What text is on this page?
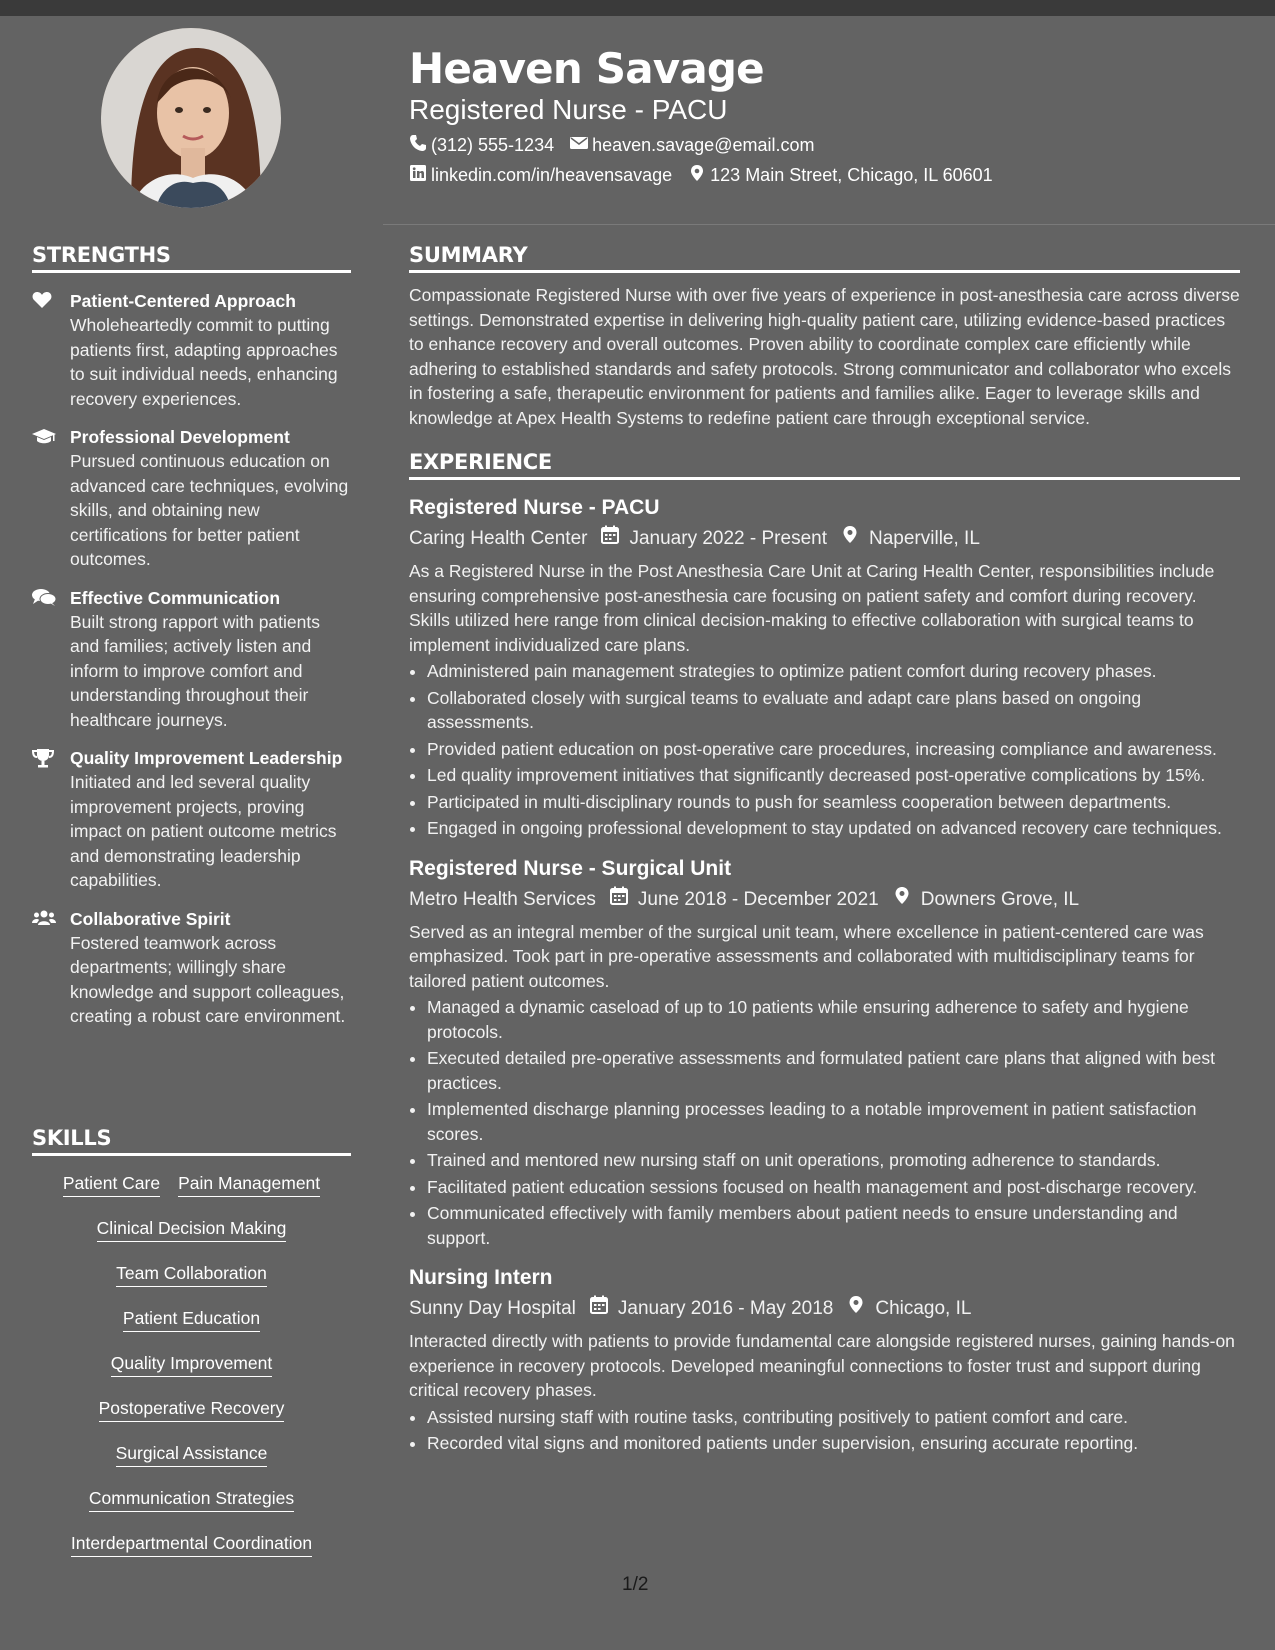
STRENGTHS
Patient-Centered Approach
Wholeheartedly commit to putting patients first, adapting approaches to suit individual needs, enhancing recovery experiences.
Professional Development
Pursued continuous education on advanced care techniques, evolving skills, and obtaining new certifications for better patient outcomes.
Effective Communication
Built strong rapport with patients and families; actively listen and inform to improve comfort and understanding throughout their healthcare journeys.
Quality Improvement Leadership
Initiated and led several quality improvement projects, proving impact on patient outcome metrics and demonstrating leadership capabilities.
Collaborative Spirit
Fostered teamwork across departments; willingly share knowledge and support colleagues, creating a robust care environment.
SKILLS
Patient Care Pain Management
Clinical Decision Making
Team Collaboration
Patient Education
Quality Improvement
Postoperative Recovery
Surgical Assistance
Communication Strategies
Interdepartmental Coordination
Heaven Savage
Registered Nurse - PACU
(312) 555-1234 heaven.savage@email.com
linkedin.com/in/heavensavage 123 Main Street, Chicago, IL 60601
SUMMARY
Compassionate Registered Nurse with over five years of experience in post-anesthesia care across diverse settings. Demonstrated expertise in delivering high-quality patient care, utilizing evidence-based practices to enhance recovery and overall outcomes. Proven ability to coordinate complex care efficiently while adhering to established standards and safety protocols. Strong communicator and collaborator who excels in fostering a safe, therapeutic environment for patients and families alike. Eager to leverage skills and knowledge at Apex Health Systems to redefine patient care through exceptional service.
EXPERIENCE
Registered Nurse - PACU
Caring Health Center January 2022 - Present Naperville, IL
As a Registered Nurse in the Post Anesthesia Care Unit at Caring Health Center, responsibilities include ensuring comprehensive post-anesthesia care focusing on patient safety and comfort during recovery. Skills utilized here range from clinical decision-making to effective collaboration with surgical teams to implement individualized care plans.
• Administered pain management strategies to optimize patient comfort during recovery phases.
• Collaborated closely with surgical teams to evaluate and adapt care plans based on ongoing assessments.
• Provided patient education on post-operative care procedures, increasing compliance and awareness.
• Led quality improvement initiatives that significantly decreased post-operative complications by 15%.
• Participated in multi-disciplinary rounds to push for seamless cooperation between departments.
• Engaged in ongoing professional development to stay updated on advanced recovery care techniques.
Registered Nurse - Surgical Unit
Metro Health Services June 2018 - December 2021 Downers Grove, IL
Served as an integral member of the surgical unit team, where excellence in patient-centered care was emphasized. Took part in pre-operative assessments and collaborated with multidisciplinary teams for tailored patient outcomes.
• Managed a dynamic caseload of up to 10 patients while ensuring adherence to safety and hygiene protocols.
• Executed detailed pre-operative assessments and formulated patient care plans that aligned with best practices.
• Implemented discharge planning processes leading to a notable improvement in patient satisfaction scores.
• Trained and mentored new nursing staff on unit operations, promoting adherence to standards.
• Facilitated patient education sessions focused on health management and post-discharge recovery.
• Communicated effectively with family members about patient needs to ensure understanding and support.
Nursing Intern
Sunny Day Hospital January 2016 - May 2018 Chicago, IL
Interacted directly with patients to provide fundamental care alongside registered nurses, gaining hands-on experience in recovery protocols. Developed meaningful connections to foster trust and support during critical recovery phases.
• Assisted nursing staff with routine tasks, contributing positively to patient comfort and care.
• Recorded vital signs and monitored patients under supervision, ensuring accurate reporting.
1/2
